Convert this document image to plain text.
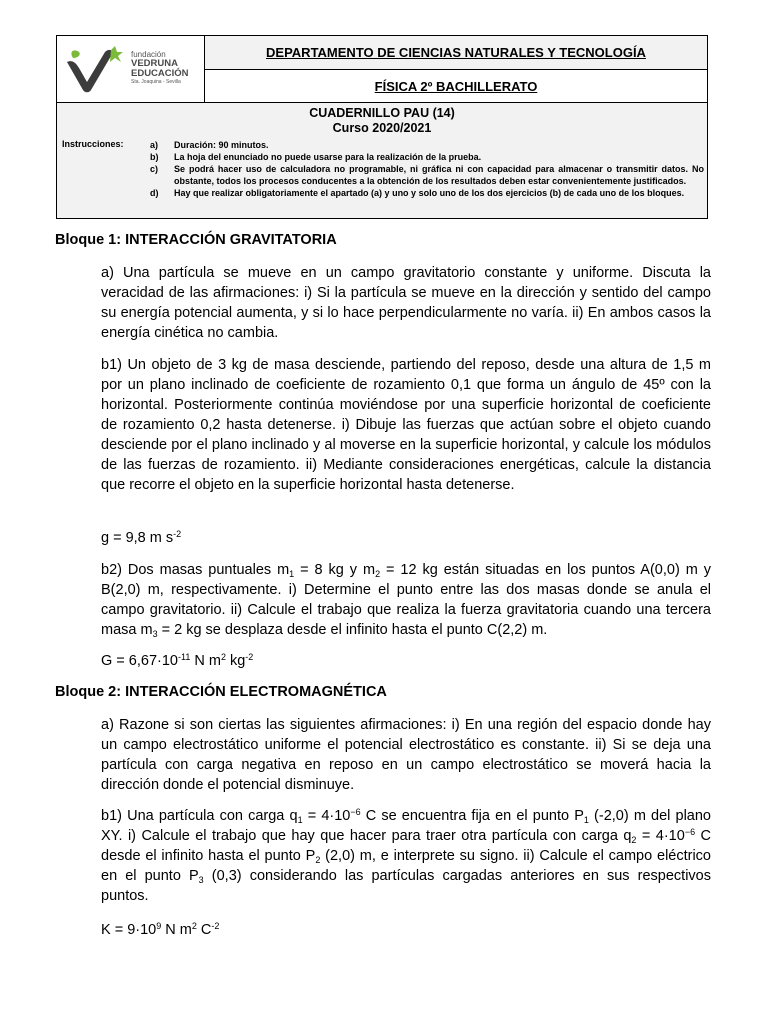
fundación
VEDRUNA
EDUCACIÓN
Sta. Joaquina - Sevilla
DEPARTAMENTO DE CIENCIAS NATURALES Y TECNOLOGÍA
FÍSICA 2º BACHILLERATO
CUADERNILLO PAU (14)
Curso 2020/2021
Instrucciones:	a)	Duración: 90 minutos.
b)	La hoja del enunciado no puede usarse para la realización de la prueba.
c)	Se podrá hacer uso de calculadora no programable, ni gráfica ni con capacidad para almacenar o transmitir datos. No obstante, todos los procesos conducentes a la obtención de los resultados deben estar convenientemente justificados.
d)	Hay que realizar obligatoriamente el apartado (a) y uno y solo uno de los dos ejercicios (b) de cada uno de los bloques.
Bloque 1: INTERACCIÓN GRAVITATORIA
a) Una partícula se mueve en un campo gravitatorio constante y uniforme. Discuta la veracidad de las afirmaciones: i) Si la partícula se mueve en la dirección y sentido del campo su energía potencial aumenta, y si lo hace perpendicularmente no varía. ii) En ambos casos la energía cinética no cambia.
b1) Un objeto de 3 kg de masa desciende, partiendo del reposo, desde una altura de 1,5 m por un plano inclinado de coeficiente de rozamiento 0,1 que forma un ángulo de 45º con la horizontal. Posteriormente continúa moviéndose por una superficie horizontal de coeficiente de rozamiento 0,2 hasta detenerse. i) Dibuje las fuerzas que actúan sobre el objeto cuando desciende por el plano inclinado y al moverse en la superficie horizontal, y calcule los módulos de las fuerzas de rozamiento. ii) Mediante consideraciones energéticas, calcule la distancia que recorre el objeto en la superficie horizontal hasta detenerse.
g = 9,8 m $s^{-2}$
b2) Dos masas puntuales $m_1 = 8$ kg y $m_2 = 12$ kg están situadas en los puntos A(0,0) m y B(2,0) m, respectivamente. i) Determine el punto entre las dos masas donde se anula el campo gravitatorio. ii) Calcule el trabajo que realiza la fuerza gravitatoria cuando una tercera masa $m_3 = 2$ kg se desplaza desde el infinito hasta el punto C(2,2) m.
$G = 6,67\cdot 10^{-11}$ N $m^2$ $kg^{-2}$
Bloque 2: INTERACCIÓN ELECTROMAGNÉTICA
a) Razone si son ciertas las siguientes afirmaciones: i) En una región del espacio donde hay un campo electrostático uniforme el potencial electrostático es constante. ii) Si se deja una partícula con carga negativa en reposo en un campo electrostático se moverá hacia la dirección donde el potencial disminuye.
b1) Una partícula con carga $q_1 = 4\cdot 10^{-6}$ C se encuentra fija en el punto $P_1$ (-2,0) m del plano XY. i) Calcule el trabajo que hay que hacer para traer otra partícula con carga $q_2 = 4\cdot 10^{-6}$ C desde el infinito hasta el punto $P_2$ (2,0) m, e interprete su signo. ii) Calcule el campo eléctrico en el punto $P_3$ (0,3) considerando las partículas cargadas anteriores en sus respectivos puntos.
$K = 9\cdot 10^9$ N $m^2$ $C^{-2}$
